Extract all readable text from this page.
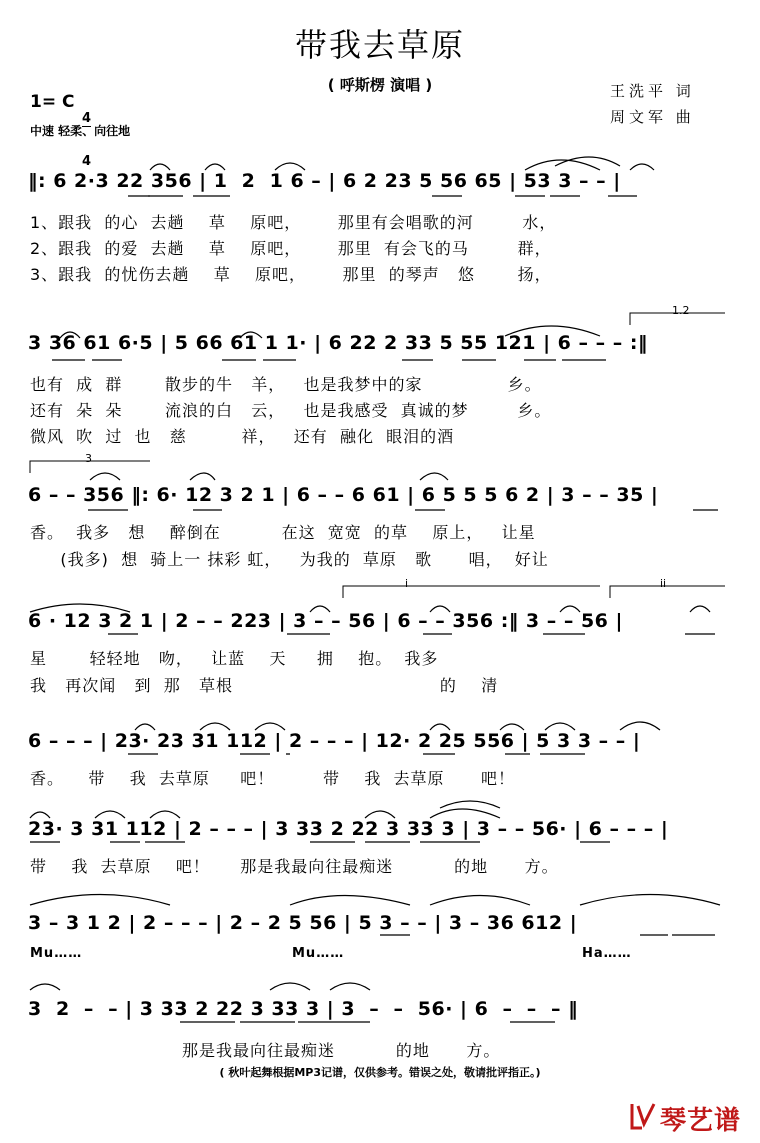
带我去草原
( 呼斯楞 演唱 )
1= C

4

4

中速 轻柔、向往地
王洗平 词
周文军 曲
1.2
3
i	ii
‖: 6 2·3 22 356 | 1  2  1 6 – | 6 2 23 5 56 65 | 53 3 – – |
1、跟我  的心  去趟    草    原吧，      那里有会唱歌的河        水，
2、跟我  的爱  去趟    草    原吧，      那里  有会飞的马        群，
3、跟我  的忧伤去趟    草    原吧，      那里  的琴声   悠       扬，
3 36 61 6·5 | 5 66 61 1 1· | 6 22 2 33 5 55 121 | 6 – – – :‖
也有  成  群       散步的牛   羊，   也是我梦中的家              乡。
还有  朵  朵       流浪的白   云，   也是我感受  真诚的梦        乡。
微风  吹  过  也   慈         祥，   还有  融化  眼泪的酒
6 – – 356 ‖: 6· 12 3 2 1 | 6 – – 6 61 | 6 5 5 5 6 2 | 3 – – 35 |
香。  我多   想    醉倒在          在这  宽宽  的草    原上，   让星
(我多)  想  骑上一 抹彩 虹，   为我的  草原   歌      唱，  好让
6 · 12 3 2 1 | 2 – – 223 | 3 – – 56 | 6 – – 356 :‖ 3 – – 56 |
星       轻轻地   吻，   让蓝    天     拥    抱。  我多
我   再次闻   到  那   草根                                  的    清
6 – – – | 23· 23 31 112 | 2 – – – | 12· 2 25 556 | 5 3 3 – – |
香。    带    我  去草原     吧！        带    我  去草原      吧！
23· 3 31 112 | 2 – – – | 3 33 2 22 3 33 3 | 3 – – 56· | 6 – – – |
带    我  去草原    吧！     那是我最向往最痴迷          的地      方。
3 – 3 1 2 | 2 – – – | 2 – 2 5 56 | 5 3 – – | 3 – 36 612 |
Mu……	Mu……	Ha……
3  2  –  – | 3 33 2 22 3 33 3 | 3  –  –  56· | 6  –  –  – ‖
那是我最向往最痴迷          的地      方。
( 秋叶起舞根据MP3记谱，仅供参考。错误之处，敬请批评指正。)
琴艺谱
